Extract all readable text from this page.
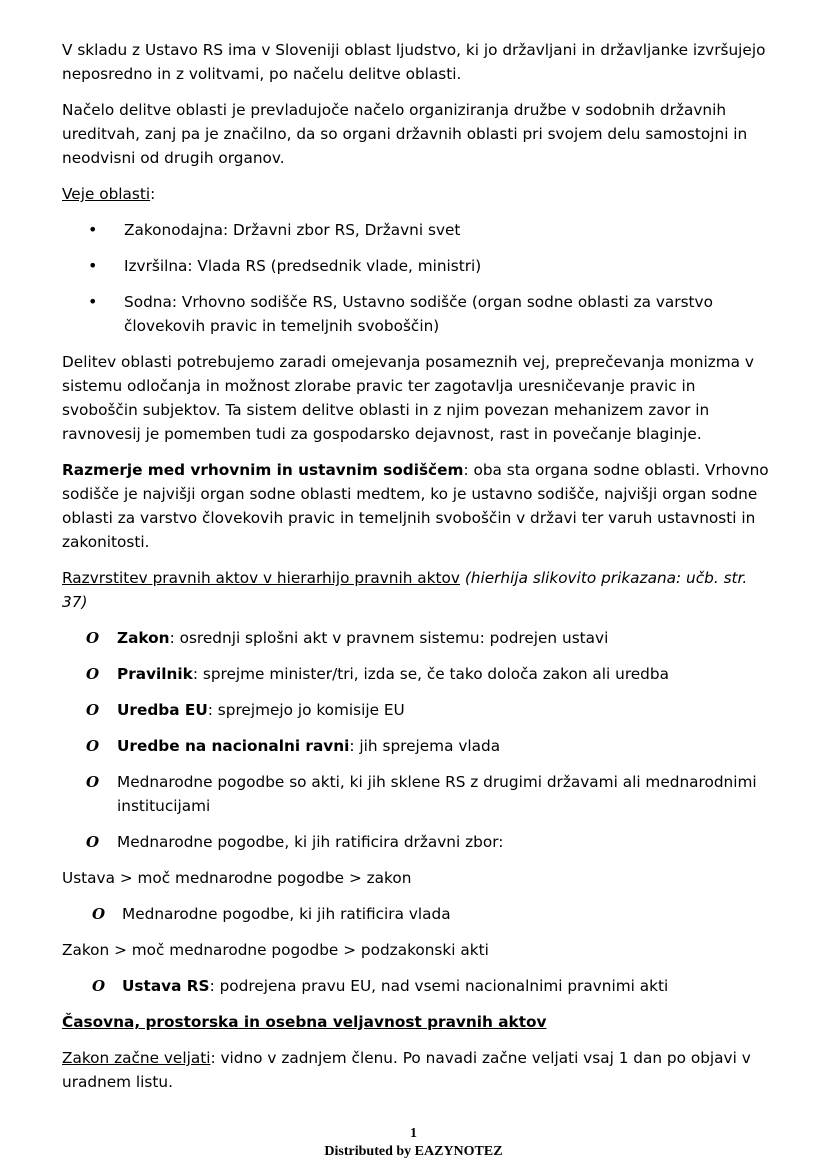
V skladu z Ustavo RS ima v Sloveniji oblast ljudstvo, ki jo državljani in državljanke izvršujejo neposredno in z volitvami, po načelu delitve oblasti.

Načelo delitve oblasti je prevladujoče načelo organiziranja družbe v sodobnih državnih ureditvah, zanj pa je značilno, da so organi državnih oblasti pri svojem delu samostojni in neodvisni od drugih organov.

Veje oblasti:

• Zakonodajna: Državni zbor RS, Državni svet
• Izvršilna: Vlada RS (predsednik vlade, ministri)
• Sodna: Vrhovno sodišče RS, Ustavno sodišče (organ sodne oblasti za varstvo človekovih pravic in temeljnih svoboščin)

Delitev oblasti potrebujemo zaradi omejevanja posameznih vej, preprečevanja monizma v sistemu odločanja in možnost zlorabe pravic ter zagotavlja uresničevanje pravic in svoboščin subjektov. Ta sistem delitve oblasti in z njim povezan mehanizem zavor in ravnovesij je pomemben tudi za gospodarsko dejavnost, rast in povečanje blaginje.

Razmerje med vrhovnim in ustavnim sodiščem: oba sta organa sodne oblasti. Vrhovno sodišče je najvišji organ sodne oblasti medtem, ko je ustavno sodišče, najvišji organ sodne oblasti za varstvo človekovih pravic in temeljnih svoboščin v državi ter varuh ustavnosti in zakonitosti.

Razvrstitev pravnih aktov v hierarhijo pravnih aktov (hierhija slikovito prikazana: učb. str. 37)

O Zakon: osrednji splošni akt v pravnem sistemu: podrejen ustavi
O Pravilnik: sprejme minister/tri, izda se, če tako določa zakon ali uredba
O Uredba EU: sprejmejo jo komisije EU
O Uredbe na nacionalni ravni: jih sprejema vlada
O Mednarodne pogodbe so akti, ki jih sklene RS z drugimi državami ali mednarodnimi institucijami
O Mednarodne pogodbe, ki jih ratificira državni zbor:

Ustava > moč mednarodne pogodbe > zakon

O Mednarodne pogodbe, ki jih ratificira vlada

Zakon > moč mednarodne pogodbe > podzakonski akti

O Ustava RS: podrejena pravu EU, nad vsemi nacionalnimi pravnimi akti

Časovna, prostorska in osebna veljavnost pravnih aktov

Zakon začne veljati: vidno v zadnjem členu. Po navadi začne veljati vsaj 1 dan po objavi v uradnem listu.

1
Distributed by EAZYNOTEZ
